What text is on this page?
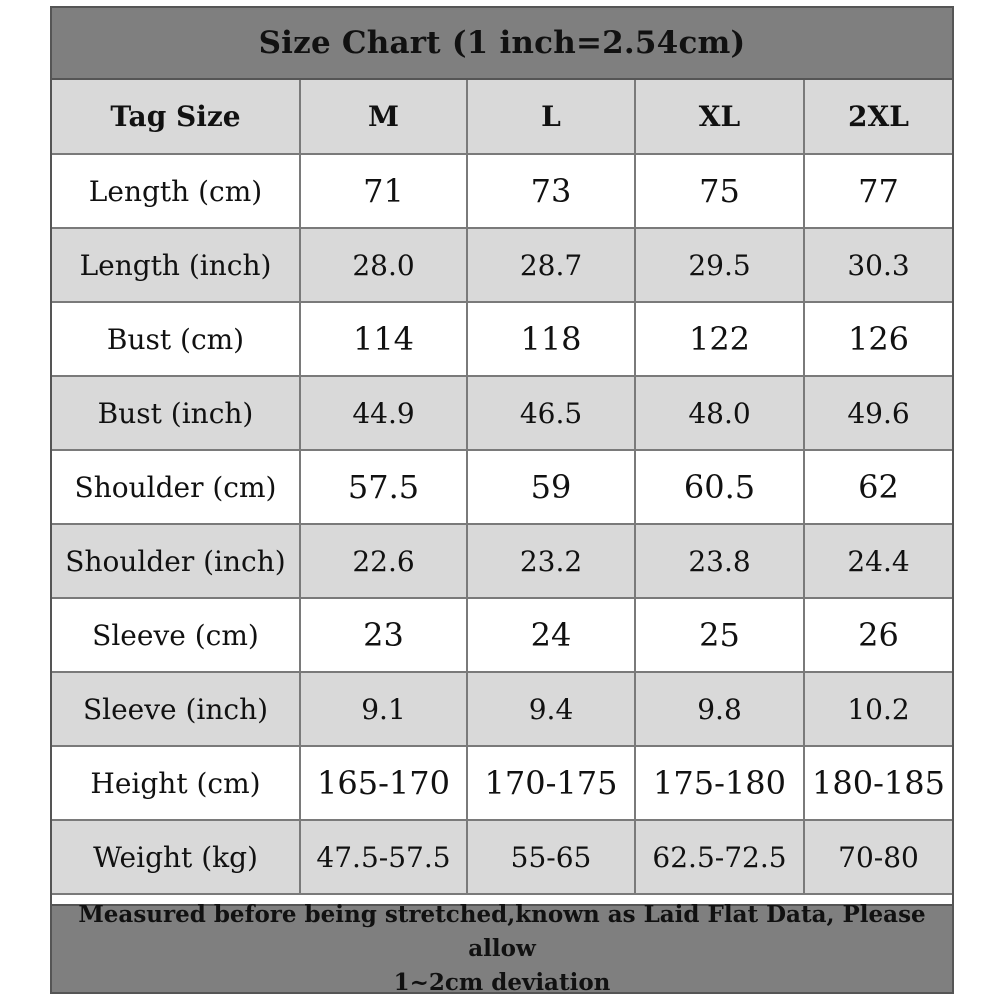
Size Chart (1 inch=2.54cm)
Tag Size	M	L	XL	2XL
Length (cm)	71	73	75	77
Length (inch)	28.0	28.7	29.5	30.3
Bust (cm)	114	118	122	126
Bust (inch)	44.9	46.5	48.0	49.6
Shoulder (cm)	57.5	59	60.5	62
Shoulder (inch)	22.6	23.2	23.8	24.4
Sleeve (cm)	23	24	25	26
Sleeve (inch)	9.1	9.4	9.8	10.2
Height (cm)	165-170	170-175	175-180	180-185
Weight (kg)	47.5-57.5	55-65	62.5-72.5	70-80
Measured before being stretched,known as Laid Flat Data, Please allow
1~2cm deviation
